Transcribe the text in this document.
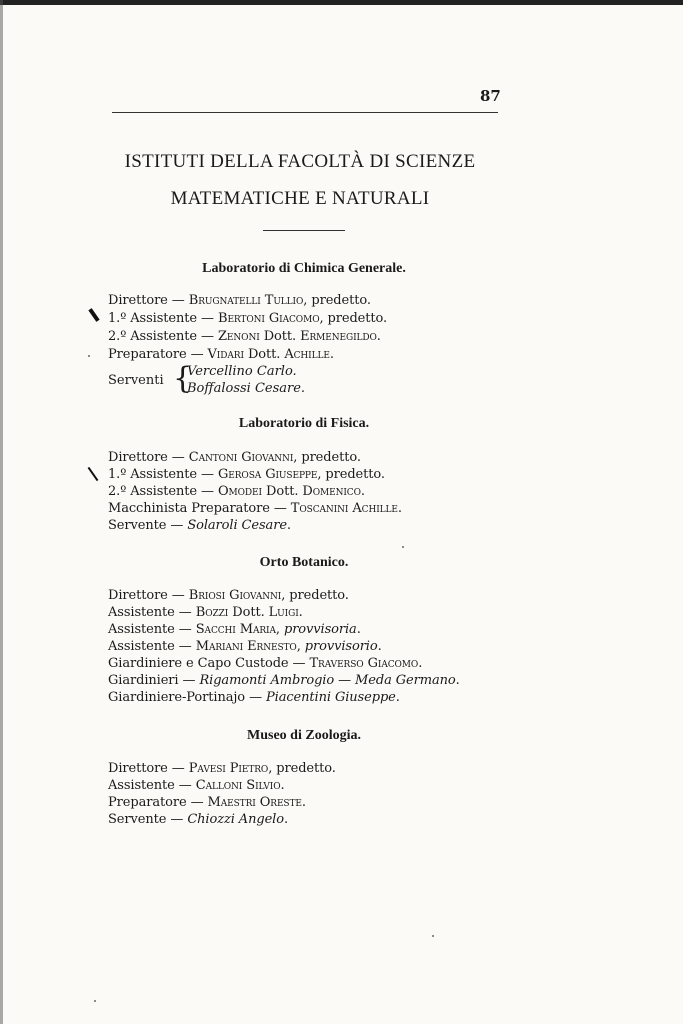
87
ISTITUTI DELLA FACOLTÀ DI SCIENZE
MATEMATICHE E NATURALI
Laboratorio di Chimica Generale.
Direttore — Brugnatelli Tullio, predetto.
1.º Assistente — Bertoni Giacomo, predetto.
2.º Assistente — Zenoni Dott. Ermenegildo.
Preparatore — Vidari Dott. Achille.
Serventi {
Vercellino Carlo.
Boffalossi Cesare.
Laboratorio di Fisica.
Direttore — Cantoni Giovanni, predetto.
1.º Assistente — Gerosa Giuseppe, predetto.
2.º Assistente — Omodei Dott. Domenico.
Macchinista Preparatore — Toscanini Achille.
Servente — Solaroli Cesare.
Orto Botanico.
Direttore — Briosi Giovanni, predetto.
Assistente — Bozzi Dott. Luigi.
Assistente — Sacchi Maria, provvisoria.
Assistente — Mariani Ernesto, provvisorio.
Giardiniere e Capo Custode — Traverso Giacomo.
Giardinieri — Rigamonti Ambrogio — Meda Germano.
Giardiniere-Portinajo — Piacentini Giuseppe.
Museo di Zoologia.
Direttore — Pavesi Pietro, predetto.
Assistente — Calloni Silvio.
Preparatore — Maestri Oreste.
Servente — Chiozzi Angelo.
